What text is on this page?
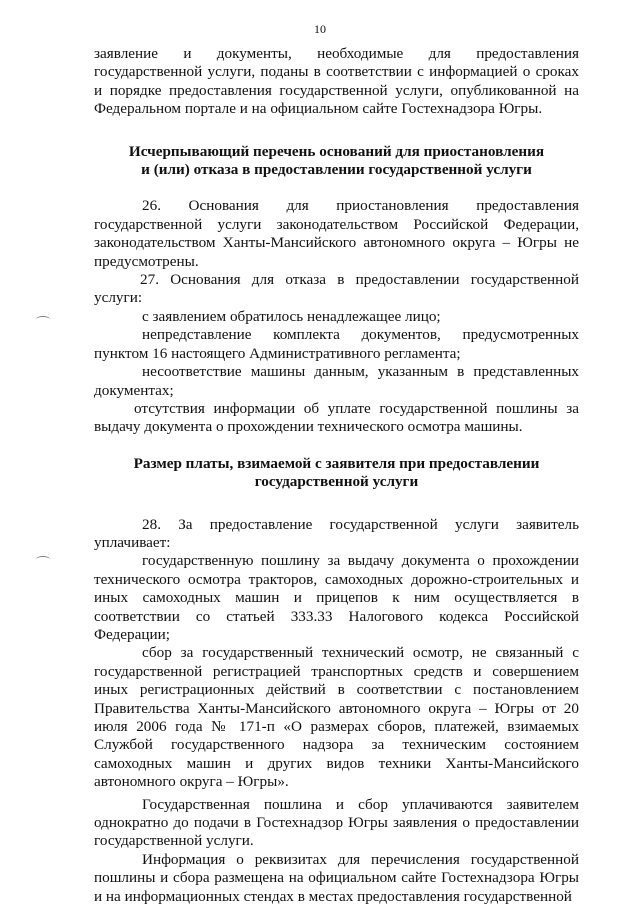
10

заявление и документы, необходимые для предоставления государственной услуги, поданы в соответствии с информацией о сроках и порядке предоставления государственной услуги, опубликованной на Федеральном портале и на официальном сайте Гостехнадзора Югры.

Исчерпывающий перечень оснований для приостановления
и (или) отказа в предоставлении государственной услуги

26. Основания для приостановления предоставления государственной услуги законодательством Российской Федерации, законодательством Ханты-Мансийского автономного округа – Югры не предусмотрены.

27. Основания для отказа в предоставлении государственной услуги:

с заявлением обратилось ненадлежащее лицо;

непредставление комплекта документов, предусмотренных пунктом 16 настоящего Административного регламента;

несоответствие машины данным, указанным в представленных документах;

отсутствия информации об уплате государственной пошлины за выдачу документа о прохождении технического осмотра машины.

Размер платы, взимаемой с заявителя при предоставлении
государственной услуги

28. За предоставление государственной услуги заявитель уплачивает:

государственную пошлину за выдачу документа о прохождении технического осмотра тракторов, самоходных дорожно-строительных и иных самоходных машин и прицепов к ним осуществляется в соответствии со статьей 333.33 Налогового кодекса Российской Федерации;

сбор за государственный технический осмотр, не связанный с государственной регистрацией транспортных средств и совершением иных регистрационных действий в соответствии с постановлением Правительства Ханты-Мансийского автономного округа – Югры от 20 июля 2006 года № 171-п «О размерах сборов, платежей, взимаемых Службой государственного надзора за техническим состоянием самоходных машин и других видов техники Ханты-Мансийского автономного округа – Югры».

Государственная пошлина и сбор уплачиваются заявителем однократно до подачи в Гостехнадзор Югры заявления о предоставлении государственной услуги.

Информация о реквизитах для перечисления государственной пошлины и сбора размещена на официальном сайте Гостехнадзора Югры и на информационных стендах в местах предоставления государственной
